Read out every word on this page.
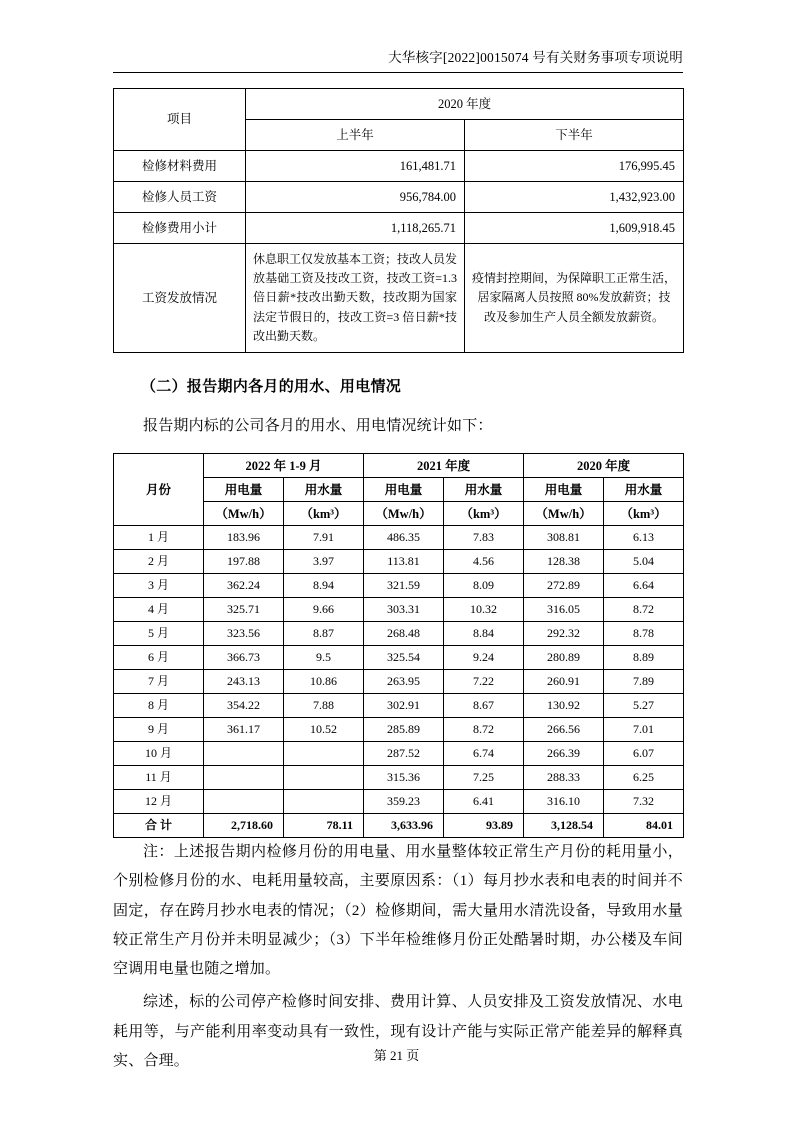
大华核字[2022]0015074 号有关财务事项专项说明
项目	2020 年度	
	上半年	下半年
检修材料费用	161,481.71	176,995.45
检修人员工资	956,784.00	1,432,923.00
检修费用小计	1,118,265.71	1,609,918.45
工资发放情况	休息职工仅发放基本工资；技改人员发放基础工资及技改工资，技改工资=1.3 倍日薪*技改出勤天数，技改期为国家法定节假日的，技改工资=3 倍日薪*技改出勤天数。	疫情封控期间，为保障职工正常生活，居家隔离人员按照 80%发放薪资；技改及参加生产人员全额发放薪资。
（二）报告期内各月的用水、用电情况

报告期内标的公司各月的用水、用电情况统计如下：

月份	2022 年 1-9 月		2021 年度		2020 年度	
	用电量	用水量	用电量	用水量	用电量	用水量
	（Mw/h）	（km³）	（Mw/h）	（km³）	（Mw/h）	（km³）
1 月	183.96	7.91	486.35	7.83	308.81	6.13
2 月	197.88	3.97	113.81	4.56	128.38	5.04
3 月	362.24	8.94	321.59	8.09	272.89	6.64
4 月	325.71	9.66	303.31	10.32	316.05	8.72
5 月	323.56	8.87	268.48	8.84	292.32	8.78
6 月	366.73	9.5	325.54	9.24	280.89	8.89
7 月	243.13	10.86	263.95	7.22	260.91	7.89
8 月	354.22	7.88	302.91	8.67	130.92	5.27
9 月	361.17	10.52	285.89	8.72	266.56	7.01
10 月			287.52	6.74	266.39	6.07
11 月			315.36	7.25	288.33	6.25
12 月			359.23	6.41	316.10	7.32
合 计	2,718.60	78.11	3,633.96	93.89	3,128.54	84.01

注：上述报告期内检修月份的用电量、用水量整体较正常生产月份的耗用量小，个别检修月份的水、电耗用量较高，主要原因系：（1）每月抄水表和电表的时间并不固定，存在跨月抄水电表的情况；（2）检修期间，需大量用水清洗设备，导致用水量较正常生产月份并未明显减少；（3）下半年检维修月份正处酷暑时期，办公楼及车间空调用电量也随之增加。

综述，标的公司停产检修时间安排、费用计算、人员安排及工资发放情况、水电耗用等，与产能利用率变动具有一致性，现有设计产能与实际正常产能差异的解释真实、合理。	第 21 页
